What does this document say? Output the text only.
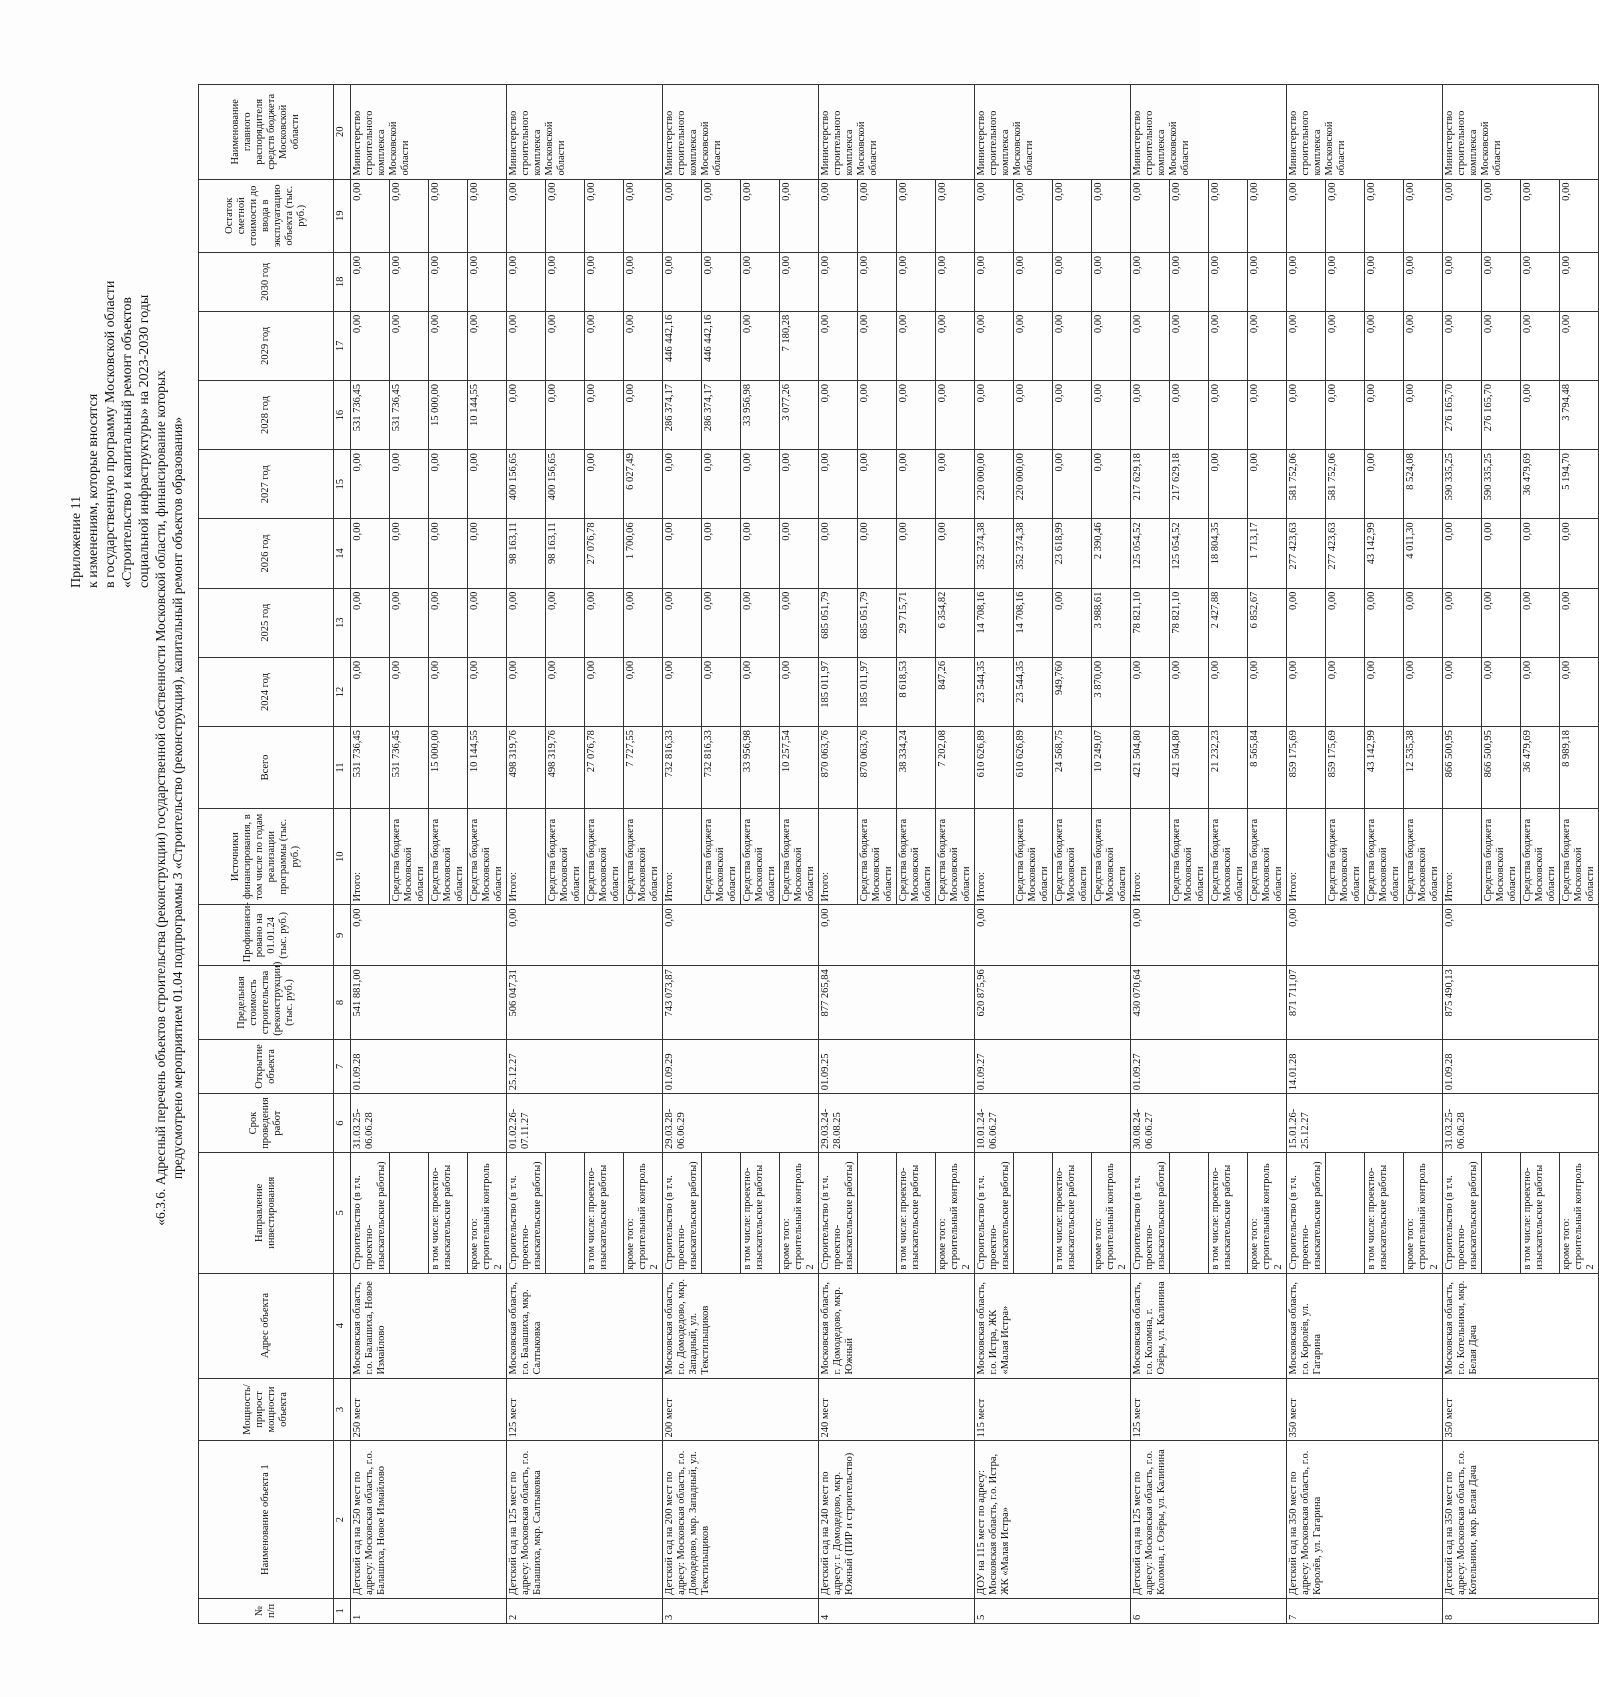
Приложение 11 к изменениям, которые вносятся в государственную программу Московской области «Строительство и капитальный ремонт объектов социальной инфраструктуры» на 2023-2030 годы «6.3.6. Адресный перечень объектов строительства (реконструкции) государственной собственности Московской области, финансирование которых предусмотрено мероприятием 01.04 подпрограммы 3 «Строительство (реконструкция), капитальный ремонт объектов образования»
№ п/п	Наименование объекта 1	Мощность/ прирост мощности объекта	Адрес объекта	Направление инвестирования	Срок проведения работ	Открытие объекта	Предельная стоимость строительства (реконструкции) (тыс. руб.)	Профинанси-ровано на 01.01.24 (тыс. руб.)	Источники финансирования, в том числе по годам реализации программы (тыс. руб.)	Всего	2024 год	2025 год	2026 год	2027 год	2028 год	2029 год	2030 год	Остаток сметной стоимости до ввода в эксплуатацию объекта (тыс. руб.)	Наименование главного распорядителя средств бюджета Московской области
1	2	3	4	5	6	7	8	9	10	11	12	13	14	15	16	17	18	19	20
1	Детский сад на 250 мест по адресу: Московская область, г.о. Балашиха, Новое Измайлово	250 мест	Московская область, г.о. Балашиха, Новое Измайлово	Строительство (в т.ч. проектно-изыскательские работы)	31.03.25-06.06.28	01.09.28	541 881,00	0,00	Итого:	531 736,45	0,00	0,00	0,00	0,00	531 736,45	0,00	0,00	0,00	Министерство строительного комплекса Московской области
									Средства бюджета Московской области	531 736,45	0,00	0,00	0,00	0,00	531 736,45	0,00	0,00	0,00	
				в том числе: проектно-изыскательские работы					Средства бюджета Московской области	15 000,00	0,00	0,00	0,00	0,00	15 000,00	0,00	0,00	0,00	
				кроме того: строительный контроль 2					Средства бюджета Московской области	10 144,55	0,00	0,00	0,00	0,00	10 144,55	0,00	0,00	0,00	
2	Детский сад на 125 мест по адресу: Московская область, г.о. Балашиха, мкр. Салтыковка	125 мест	Московская область, г.о. Балашиха, мкр. Салтыковка	Строительство (в т.ч. проектно-изыскательские работы)	01.02.26-07.11.27	25.12.27	506 047,31	0,00	Итого:	498 319,76	0,00	0,00	98 163,11	400 156,65	0,00	0,00	0,00	0,00	Министерство строительного комплекса Московской области
									Средства бюджета Московской области	498 319,76	0,00	0,00	98 163,11	400 156,65	0,00	0,00	0,00	0,00	
				в том числе: проектно-изыскательские работы					Средства бюджета Московской области	27 076,78	0,00	0,00	27 076,78	0,00	0,00	0,00	0,00	0,00	
				кроме того: строительный контроль 2					Средства бюджета Московской области	7 727,55	0,00	0,00	1 700,06	6 027,49	0,00	0,00	0,00	0,00	
3	Детский сад на 200 мест по адресу: Московская область, г.о. Домодедово, мкр. Западный, ул. Текстильщиков	200 мест	Московская область, г.о. Домодедово, мкр. Западный, ул. Текстильщиков	Строительство (в т.ч. проектно-изыскательские работы)	29.03.28-06.06.29	01.09.29	743 073,87	0,00	Итого:	732 816,33	0,00	0,00	0,00	0,00	286 374,17	446 442,16	0,00	0,00	Министерство строительного комплекса Московской области
									Средства бюджета Московской области	732 816,33	0,00	0,00	0,00	0,00	286 374,17	446 442,16	0,00	0,00	
				в том числе: проектно-изыскательские работы					Средства бюджета Московской области	33 956,98	0,00	0,00	0,00	0,00	33 956,98	0,00	0,00	0,00	
				кроме того: строительный контроль 2					Средства бюджета Московской области	10 257,54	0,00	0,00	0,00	0,00	3 077,26	7 180,28	0,00	0,00	
4	Детский сад на 240 мест по адресу: г. Домодедово, мкр. Южный (ПИР и строительство)	240 мест	Московская область, г. Домодедово, мкр. Южный	Строительство (в т.ч. проектно-изыскательские работы)	29.03.24-28.08.25	01.09.25	877 265,84	0,00	Итого:	870 063,76	185 011,97	685 051,79	0,00	0,00	0,00	0,00	0,00	0,00	Министерство строительного комплекса Московской области
									Средства бюджета Московской области	870 063,76	185 011,97	685 051,79	0,00	0,00	0,00	0,00	0,00	0,00	
				в том числе: проектно-изыскательские работы					Средства бюджета Московской области	38 334,24	8 618,53	29 715,71	0,00	0,00	0,00	0,00	0,00	0,00	
				кроме того: строительный контроль 2					Средства бюджета Московской области	7 202,08	847,26	6 354,82	0,00	0,00	0,00	0,00	0,00	0,00	
5	ДОУ на 115 мест по адресу: Московская область, г.о. Истра, ЖК «Малая Истра»	115 мест	Московская область, г.о. Истра, ЖК «Малая Истра»	Строительство (в т.ч. проектно-изыскательские работы)	10.01.24-06.06.27	01.09.27	620 875,96	0,00	Итого:	610 626,89	23 544,35	14 708,16	352 374,38	220 000,00	0,00	0,00	0,00	0,00	Министерство строительного комплекса Московской области
									Средства бюджета Московской области	610 626,89	23 544,35	14 708,16	352 374,38	220 000,00	0,00	0,00	0,00	0,00	
				в том числе: проектно-изыскательские работы					Средства бюджета Московской области	24 568,75	949,760	0,00	23 618,99	0,00	0,00	0,00	0,00	0,00	
				кроме того: строительный контроль 2					Средства бюджета Московской области	10 249,07	3 870,00	3 988,61	2 390,46	0,00	0,00	0,00	0,00	0,00	
6	Детский сад на 125 мест по адресу: Московская область, г.о. Коломна, г. Озёры, ул. Калинина	125 мест	Московская область, г.о. Коломна, г. Озёры, ул. Калинина	Строительство (в т.ч. проектно-изыскательские работы)	30.08.24-06.06.27	01.09.27	430 070,64	0,00	Итого:	421 504,80	0,00	78 821,10	125 054,52	217 629,18	0,00	0,00	0,00	0,00	Министерство строительного комплекса Московской области
									Средства бюджета Московской области	421 504,80	0,00	78 821,10	125 054,52	217 629,18	0,00	0,00	0,00	0,00	
				в том числе: проектно-изыскательские работы					Средства бюджета Московской области	21 232,23	0,00	2 427,88	18 804,35	0,00	0,00	0,00	0,00	0,00	
				кроме того: строительный контроль 2					Средства бюджета Московской области	8 565,84	0,00	6 852,67	1 713,17	0,00	0,00	0,00	0,00	0,00	
7	Детский сад на 350 мест по адресу: Московская область, г.о. Королёв, ул. Гагарина	350 мест	Московская область, г.о. Королёв, ул. Гагарина	Строительство (в т.ч. проектно-изыскательские работы)	15.01.26-25.12.27	14.01.28	871 711,07	0,00	Итого:	859 175,69	0,00	0,00	277 423,63	581 752,06	0,00	0,00	0,00	0,00	Министерство строительного комплекса Московской области
									Средства бюджета Московской области	859 175,69	0,00	0,00	277 423,63	581 752,06	0,00	0,00	0,00	0,00	
				в том числе: проектно-изыскательские работы					Средства бюджета Московской области	43 142,99	0,00	0,00	43 142,99	0,00	0,00	0,00	0,00	0,00	
				кроме того: строительный контроль 2					Средства бюджета Московской области	12 535,38	0,00	0,00	4 011,30	8 524,08	0,00	0,00	0,00	0,00	
8	Детский сад на 350 мест по адресу: Московская область, г.о. Котельники, мкр. Белая Дача	350 мест	Московская область, г.о. Котельники, мкр. Белая Дача	Строительство (в т.ч. проектно-изыскательские работы)	31.03.25-06.06.28	01.09.28	875 490,13	0,00	Итого:	866 500,95	0,00	0,00	0,00	590 335,25	276 165,70	0,00	0,00	0,00	Министерство строительного комплекса Московской области
									Средства бюджета Московской области	866 500,95	0,00	0,00	0,00	590 335,25	276 165,70	0,00	0,00	0,00	
				в том числе: проектно-изыскательские работы					Средства бюджета Московской области	36 479,69	0,00	0,00	0,00	36 479,69	0,00	0,00	0,00	0,00	
				кроме того: строительный контроль 2					Средства бюджета Московской области	8 989,18	0,00	0,00	0,00	5 194,70	3 794,48	0,00	0,00	0,00	
